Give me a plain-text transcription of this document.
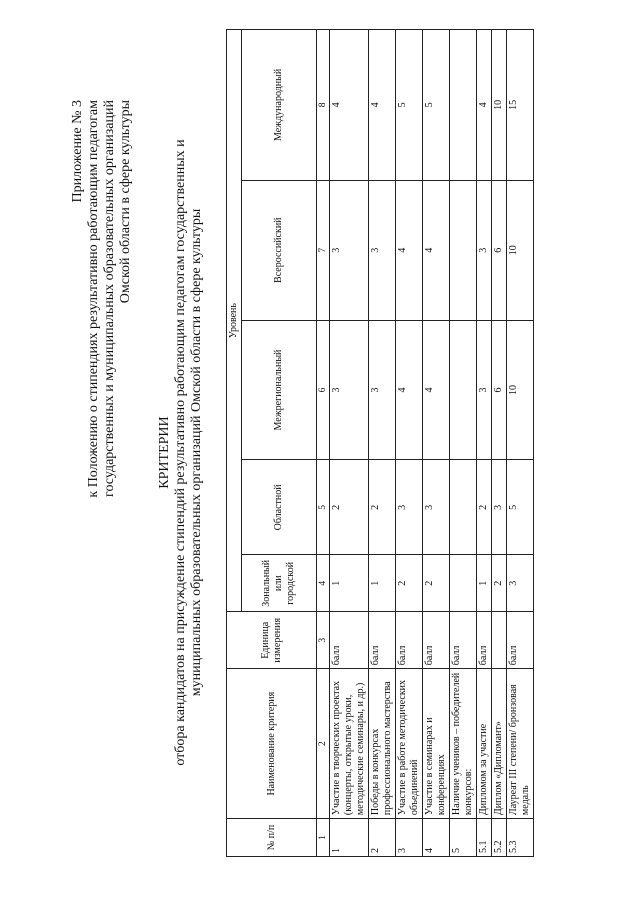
Приложение № 3 к Положению о стипендиях результативно работающим педагогам государственных и муниципальных образовательных организаций Омской области в сфере культуры
КРИТЕРИИ отбора кандидатов на присуждение стипендий результативно работающим педагогам государственных и муниципальных образовательных организаций Омской области в сфере культуры
№ п/п	Наименование критерия	Единица измерения	Уровень				
			Зональный или городской	Областной	Межрегиональный	Всероссийский	Международный
1	2	3	4	5	6	7	8
1	Участие в творческих проектах (концерты, открытые уроки, методические семинары, и др.)	балл	1	2	3	3	4
2	Победы в конкурсах профессионального мастерства	балл	1	2	3	3	4
3	Участие в работе методических объединений	балл	2	3	4	4	5
4	Участие в семинарах и конференциях	балл	2	3	4	4	5
5	Наличие учеников – победителей конкурсов:	балл					
5.1	Дипломом за участие	балл	1	2	3	3	4
5.2	Диплом «Дипломант»		2	3	6	6	10
5.3	Лауреат III степени/ бронзовая медаль	балл	3	5	10	10	15
